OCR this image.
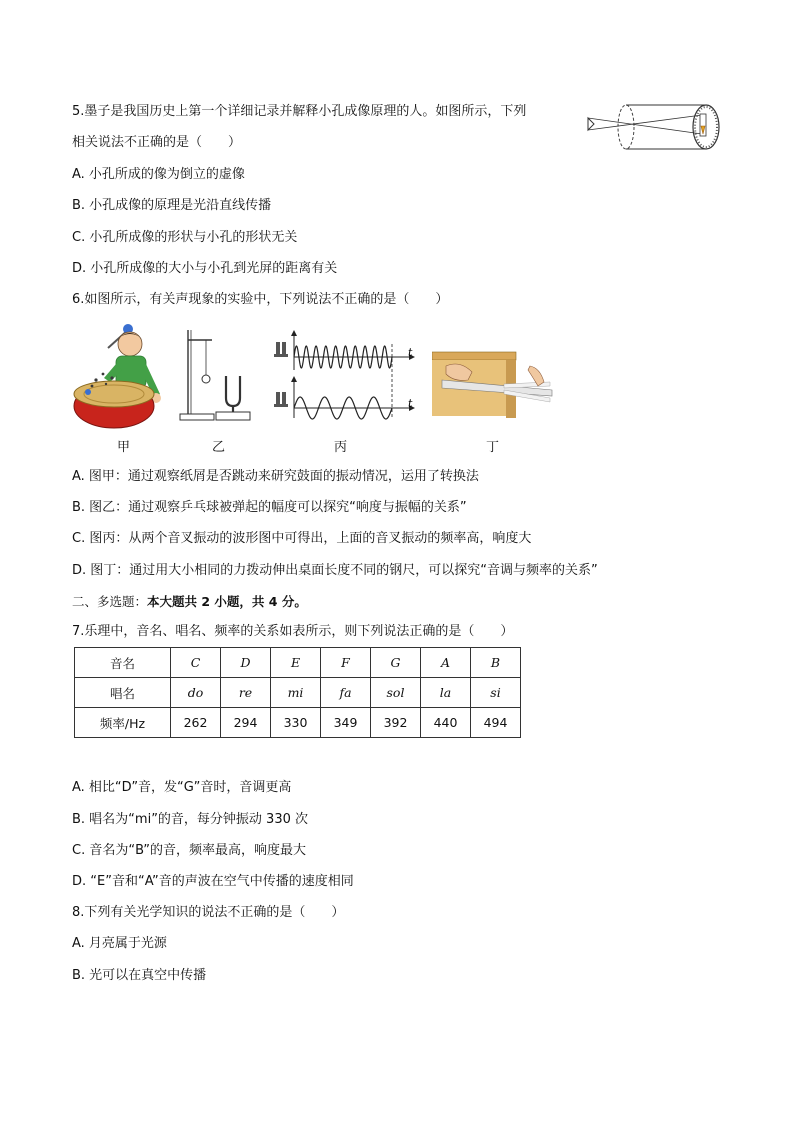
5.墨子是我国历史上第一个详细记录并解释小孔成像原理的人。如图所示，下列
相关说法不正确的是（　　）
A. 小孔所成的像为倒立的虚像
B. 小孔成像的原理是光沿直线传播
C. 小孔所成像的形状与小孔的形状无关
D. 小孔所成像的大小与小孔到光屏的距离有关
6.如图所示，有关声现象的实验中，下列说法不正确的是（　　）
甲	乙
t
t
丙	丁
A. 图甲：通过观察纸屑是否跳动来研究鼓面的振动情况，运用了转换法
B. 图乙：通过观察乒乓球被弹起的幅度可以探究“响度与振幅的关系”
C. 图丙：从两个音叉振动的波形图中可得出，上面的音叉振动的频率高，响度大
D. 图丁：通过用大小相同的力拨动伸出桌面长度不同的钢尺，可以探究“音调与频率的关系”
二、多选题：本大题共 2 小题，共 4 分。
7.乐理中，音名、唱名、频率的关系如表所示，则下列说法正确的是（　　）
音名	C	D	E	F	G	A	B
唱名	do	re	mi	fa	sol	la	si
频率/Hz	262	294	330	349	392	440	494
A. 相比“D”音，发“G”音时，音调更高
B. 唱名为“mi”的音，每分钟振动 330 次
C. 音名为“B”的音，频率最高，响度最大
D. “E”音和“A”音的声波在空气中传播的速度相同
8.下列有关光学知识的说法不正确的是（　　）
A. 月亮属于光源
B. 光可以在真空中传播
